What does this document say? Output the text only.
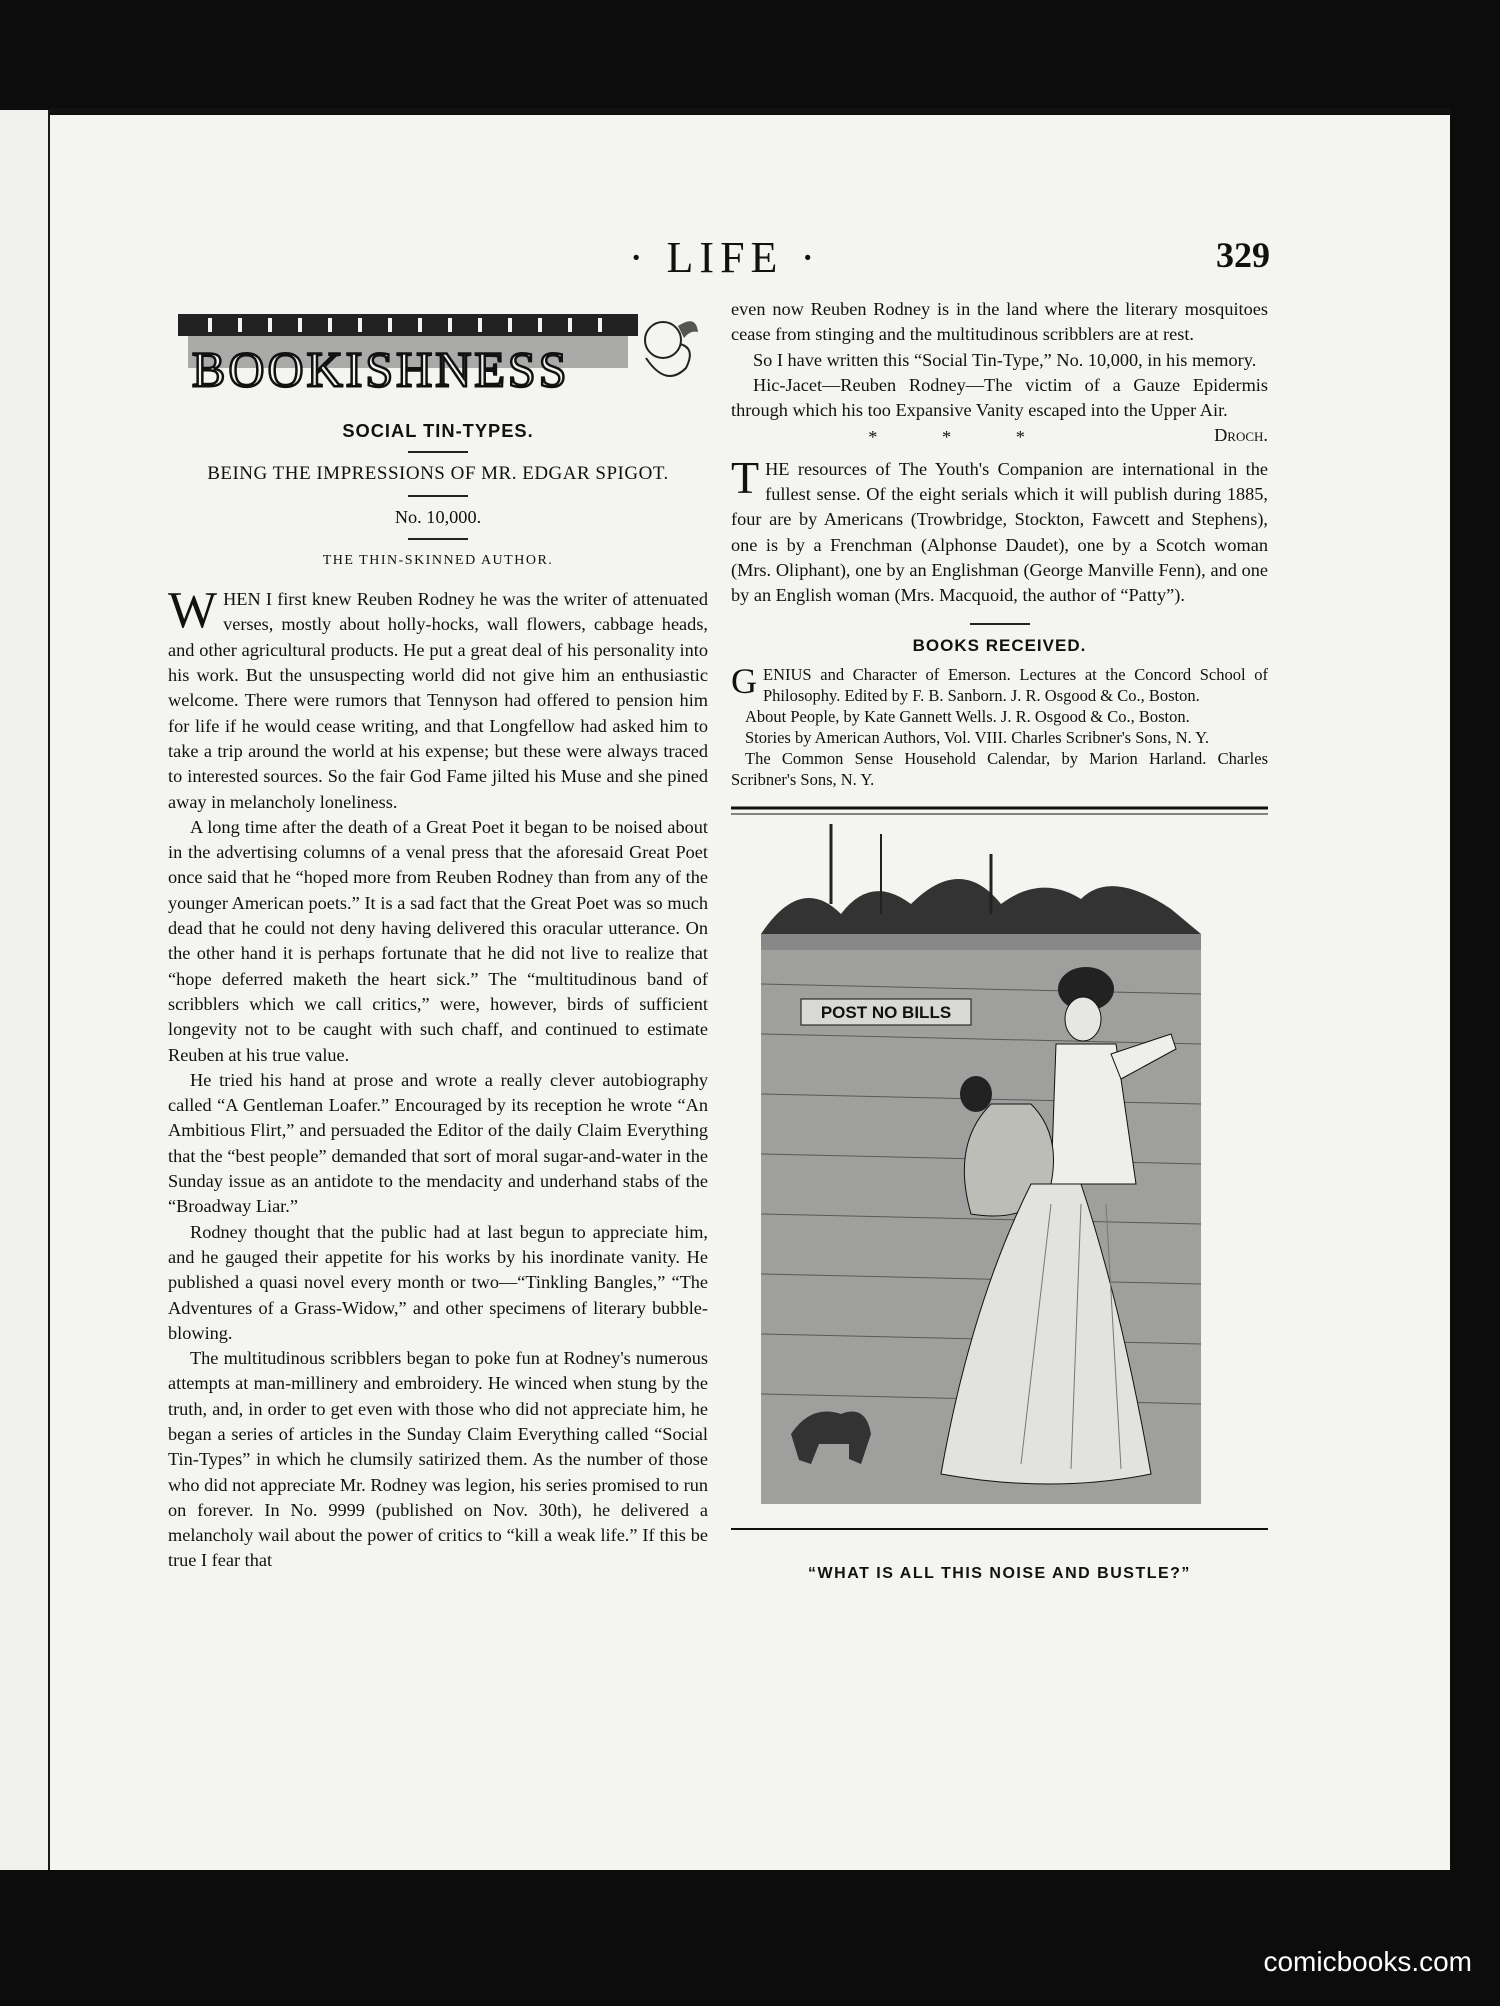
· LIFE ·	329
BOOKISHNESS
SOCIAL TIN-TYPES.
BEING THE IMPRESSIONS OF MR. EDGAR SPIGOT.
No. 10,000.
THE THIN-SKINNED AUTHOR.

WHEN I first knew Reuben Rodney he was the writer of attenuated verses, mostly about holly-hocks, wall flowers, cabbage heads, and other agricultural products. He put a great deal of his personality into his work. But the unsuspecting world did not give him an enthusiastic welcome. There were rumors that Tennyson had offered to pension him for life if he would cease writing, and that Longfellow had asked him to take a trip around the world at his expense; but these were always traced to interested sources. So the fair God Fame jilted his Muse and she pined away in melancholy loneliness.

A long time after the death of a Great Poet it began to be noised about in the advertising columns of a venal press that the aforesaid Great Poet once said that he “hoped more from Reuben Rodney than from any of the younger American poets.” It is a sad fact that the Great Poet was so much dead that he could not deny having delivered this oracular utterance. On the other hand it is perhaps fortunate that he did not live to realize that “hope deferred maketh the heart sick.” The “multitudinous band of scribblers which we call critics,” were, however, birds of sufficient longevity not to be caught with such chaff, and continued to estimate Reuben at his true value.

He tried his hand at prose and wrote a really clever autobiography called “A Gentleman Loafer.” Encouraged by its reception he wrote “An Ambitious Flirt,” and persuaded the Editor of the daily Claim Everything that the “best people” demanded that sort of moral sugar-and-water in the Sunday issue as an antidote to the mendacity and underhand stabs of the “Broadway Liar.”

Rodney thought that the public had at last begun to appreciate him, and he gauged their appetite for his works by his inordinate vanity. He published a quasi novel every month or two—“Tinkling Bangles,” “The Adventures of a Grass-Widow,” and other specimens of literary bubble-blowing.

The multitudinous scribblers began to poke fun at Rodney's numerous attempts at man-millinery and embroidery. He winced when stung by the truth, and, in order to get even with those who did not appreciate him, he began a series of articles in the Sunday Claim Everything called “Social Tin-Types” in which he clumsily satirized them. As the number of those who did not appreciate Mr. Rodney was legion, his series promised to run on forever. In No. 9999 (published on Nov. 30th), he delivered a melancholy wail about the power of critics to “kill a weak life.” If this be true I fear that

even now Reuben Rodney is in the land where the literary mosquitoes cease from stinging and the multitudinous scribblers are at rest.

So I have written this “Social Tin-Type,” No. 10,000, in his memory.

Hic-Jacet—Reuben Rodney—The victim of a Gauze Epidermis through which his too Expansive Vanity escaped into the Upper Air.
Droch.

* * *

THE resources of The Youth's Companion are international in the fullest sense. Of the eight serials which it will publish during 1885, four are by Americans (Trowbridge, Stockton, Fawcett and Stephens), one is by a Frenchman (Alphonse Daudet), one by a Scotch woman (Mrs. Oliphant), one by an Englishman (George Manville Fenn), and one by an English woman (Mrs. Macquoid, the author of “Patty”).

BOOKS RECEIVED.

GENIUS and Character of Emerson. Lectures at the Concord School of Philosophy. Edited by F. B. Sanborn. J. R. Osgood & Co., Boston.

About People, by Kate Gannett Wells. J. R. Osgood & Co., Boston.

Stories by American Authors, Vol. VIII. Charles Scribner's Sons, N. Y.

The Common Sense Household Calendar, by Marion Harland. Charles Scribner's Sons, N. Y.

POST NO BILLS
“WHAT IS ALL THIS NOISE AND BUSTLE?”
comicbooks.com
